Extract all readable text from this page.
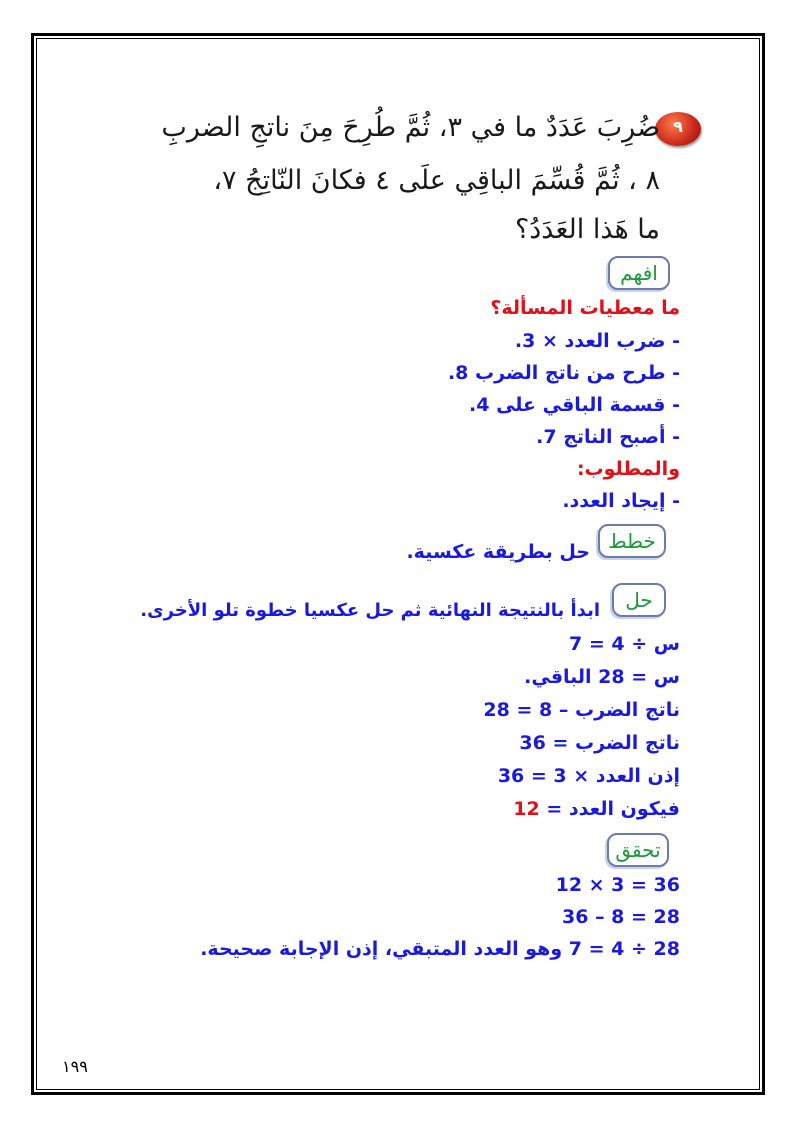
٩
ضُرِبَ عَدَدٌ ما في ٣، ثُمَّ طُرِحَ مِنَ ناتجِ الضربِ
٨ ، ثُمَّ قُسِّمَ الباقِي علَى ٤ فكانَ النّاتِجُ ٧،
ما هَذا العَدَدُ؟
افهم
ما معطيات المسألة؟
- ضرب العدد × 3.
- طرح من ناتج الضرب 8.
- قسمة الباقي على 4.
- أصبح الناتج 7.
والمطلوب:
- إيجاد العدد.
خطط
حل بطريقة عكسية.
حل
ابدأ بالنتيجة النهائية ثم حل عكسيا خطوة تلو الأخرى.
س ÷ 4 = 7
س = 28 الباقي.
ناتج الضرب – 8 = 28
ناتج الضرب = 36
إذن العدد × 3 = 36
فيكون العدد = 12
تحقق
12 × 3 = 36
36 – 8 = 28
28 ÷ 4 = 7 وهو العدد المتبقي، إذن الإجابة صحيحة.
١٩٩
